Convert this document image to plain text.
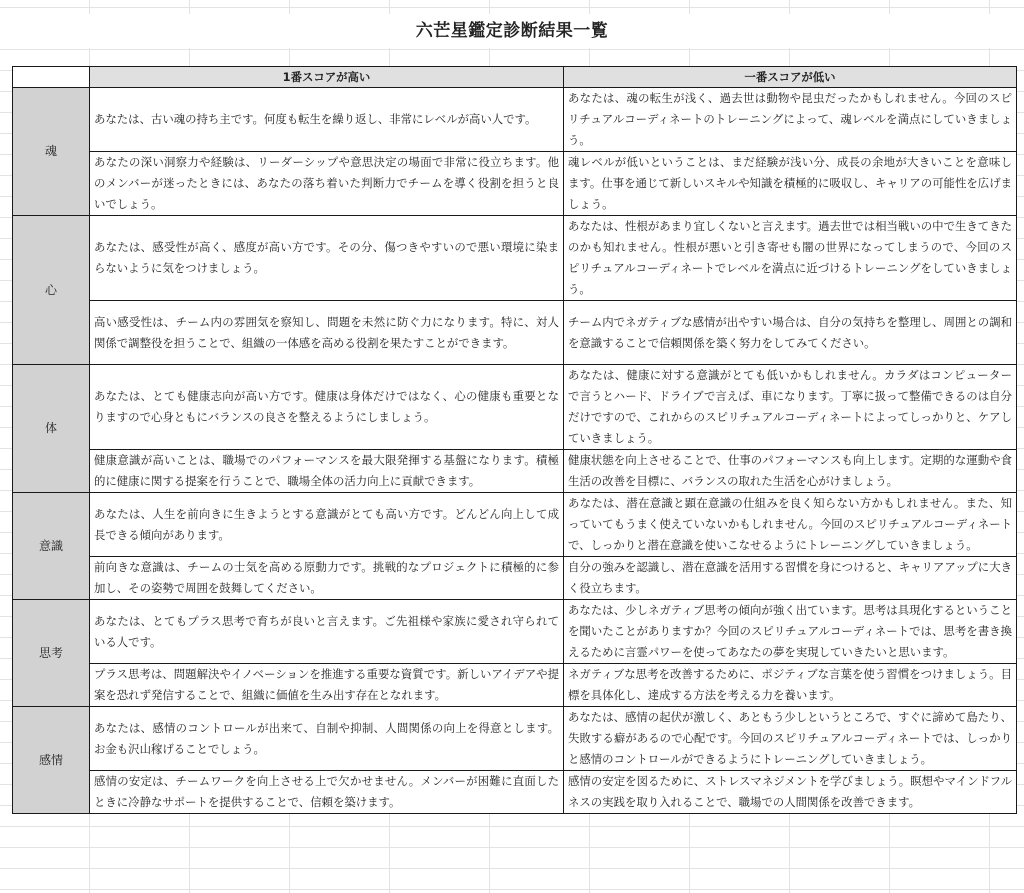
六芒星鑑定診断結果一覧
	1番スコアが高い	一番スコアが低い
魂	あなたは、古い魂の持ち主です。何度も転生を繰り返し、非常にレベルが高い人です。	あなたは、魂の転生が浅く、過去世は動物や昆虫だったかもしれません。今回のスピリチュアルコーディネートのトレーニングによって、魂レベルを満点にしていきましょう。
	あなたの深い洞察力や経験は、リーダーシップや意思決定の場面で非常に役立ちます。他のメンバーが迷ったときには、あなたの落ち着いた判断力でチームを導く役割を担うと良いでしょう。	魂レベルが低いということは、まだ経験が浅い分、成長の余地が大きいことを意味します。仕事を通じて新しいスキルや知識を積極的に吸収し、キャリアの可能性を広げましょう。
心	あなたは、感受性が高く、感度が高い方です。その分、傷つきやすいので悪い環境に染まらないように気をつけましょう。	あなたは、性根があまり宜しくないと言えます。過去世では相当戦いの中で生きてきたのかも知れません。性根が悪いと引き寄せも闇の世界になってしまうので、今回のスピリチュアルコーディネートでレベルを満点に近づけるトレーニングをしていきましょう。
	高い感受性は、チーム内の雰囲気を察知し、問題を未然に防ぐ力になります。特に、対人関係で調整役を担うことで、組織の一体感を高める役割を果たすことができます。	チーム内でネガティブな感情が出やすい場合は、自分の気持ちを整理し、周囲との調和を意識することで信頼関係を築く努力をしてみてください。
体	あなたは、とても健康志向が高い方です。健康は身体だけではなく、心の健康も重要となりますので心身ともにバランスの良さを整えるようにしましょう。	あなたは、健康に対する意識がとても低いかもしれません。カラダはコンピューターで言うとハード、ドライブで言えば、車になります。丁寧に扱って整備できるのは自分だけですので、これからのスピリチュアルコーディネートによってしっかりと、ケアしていきましょう。
	健康意識が高いことは、職場でのパフォーマンスを最大限発揮する基盤になります。積極的に健康に関する提案を行うことで、職場全体の活力向上に貢献できます。	健康状態を向上させることで、仕事のパフォーマンスも向上します。定期的な運動や食生活の改善を目標に、バランスの取れた生活を心がけましょう。
意識	あなたは、人生を前向きに生きようとする意識がとても高い方です。どんどん向上して成長できる傾向があります。	あなたは、潜在意識と顕在意識の仕組みを良く知らない方かもしれません。また、知っていてもうまく使えていないかもしれません。今回のスピリチュアルコーディネートで、しっかりと潜在意識を使いこなせるようにトレーニングしていきましょう。
	前向きな意識は、チームの士気を高める原動力です。挑戦的なプロジェクトに積極的に参加し、その姿勢で周囲を鼓舞してください。	自分の強みを認識し、潜在意識を活用する習慣を身につけると、キャリアアップに大きく役立ちます。
思考	あなたは、とてもプラス思考で育ちが良いと言えます。ご先祖様や家族に愛され守られている人です。	あなたは、少しネガティブ思考の傾向が強く出ています。思考は具現化するということを聞いたことがありますか？今回のスピリチュアルコーディネートでは、思考を書き換えるために言霊パワーを使ってあなたの夢を実現していきたいと思います。
	プラス思考は、問題解決やイノベーションを推進する重要な資質です。新しいアイデアや提案を恐れず発信することで、組織に価値を生み出す存在となれます。	ネガティブな思考を改善するために、ポジティブな言葉を使う習慣をつけましょう。目標を具体化し、達成する方法を考える力を養います。
感情	あなたは、感情のコントロールが出来て、自制や抑制、人間関係の向上を得意とします。お金も沢山稼げることでしょう。	あなたは、感情の起伏が激しく、あともう少しというところで、すぐに諦めて島たり、失敗する癖があるので心配です。今回のスピリチュアルコーディネートでは、しっかりと感情のコントロールができるようにトレーニングしていきましょう。
	感情の安定は、チームワークを向上させる上で欠かせません。メンバーが困難に直面したときに冷静なサポートを提供することで、信頼を築けます。	感情の安定を図るために、ストレスマネジメントを学びましょう。瞑想やマインドフルネスの実践を取り入れることで、職場での人間関係を改善できます。
